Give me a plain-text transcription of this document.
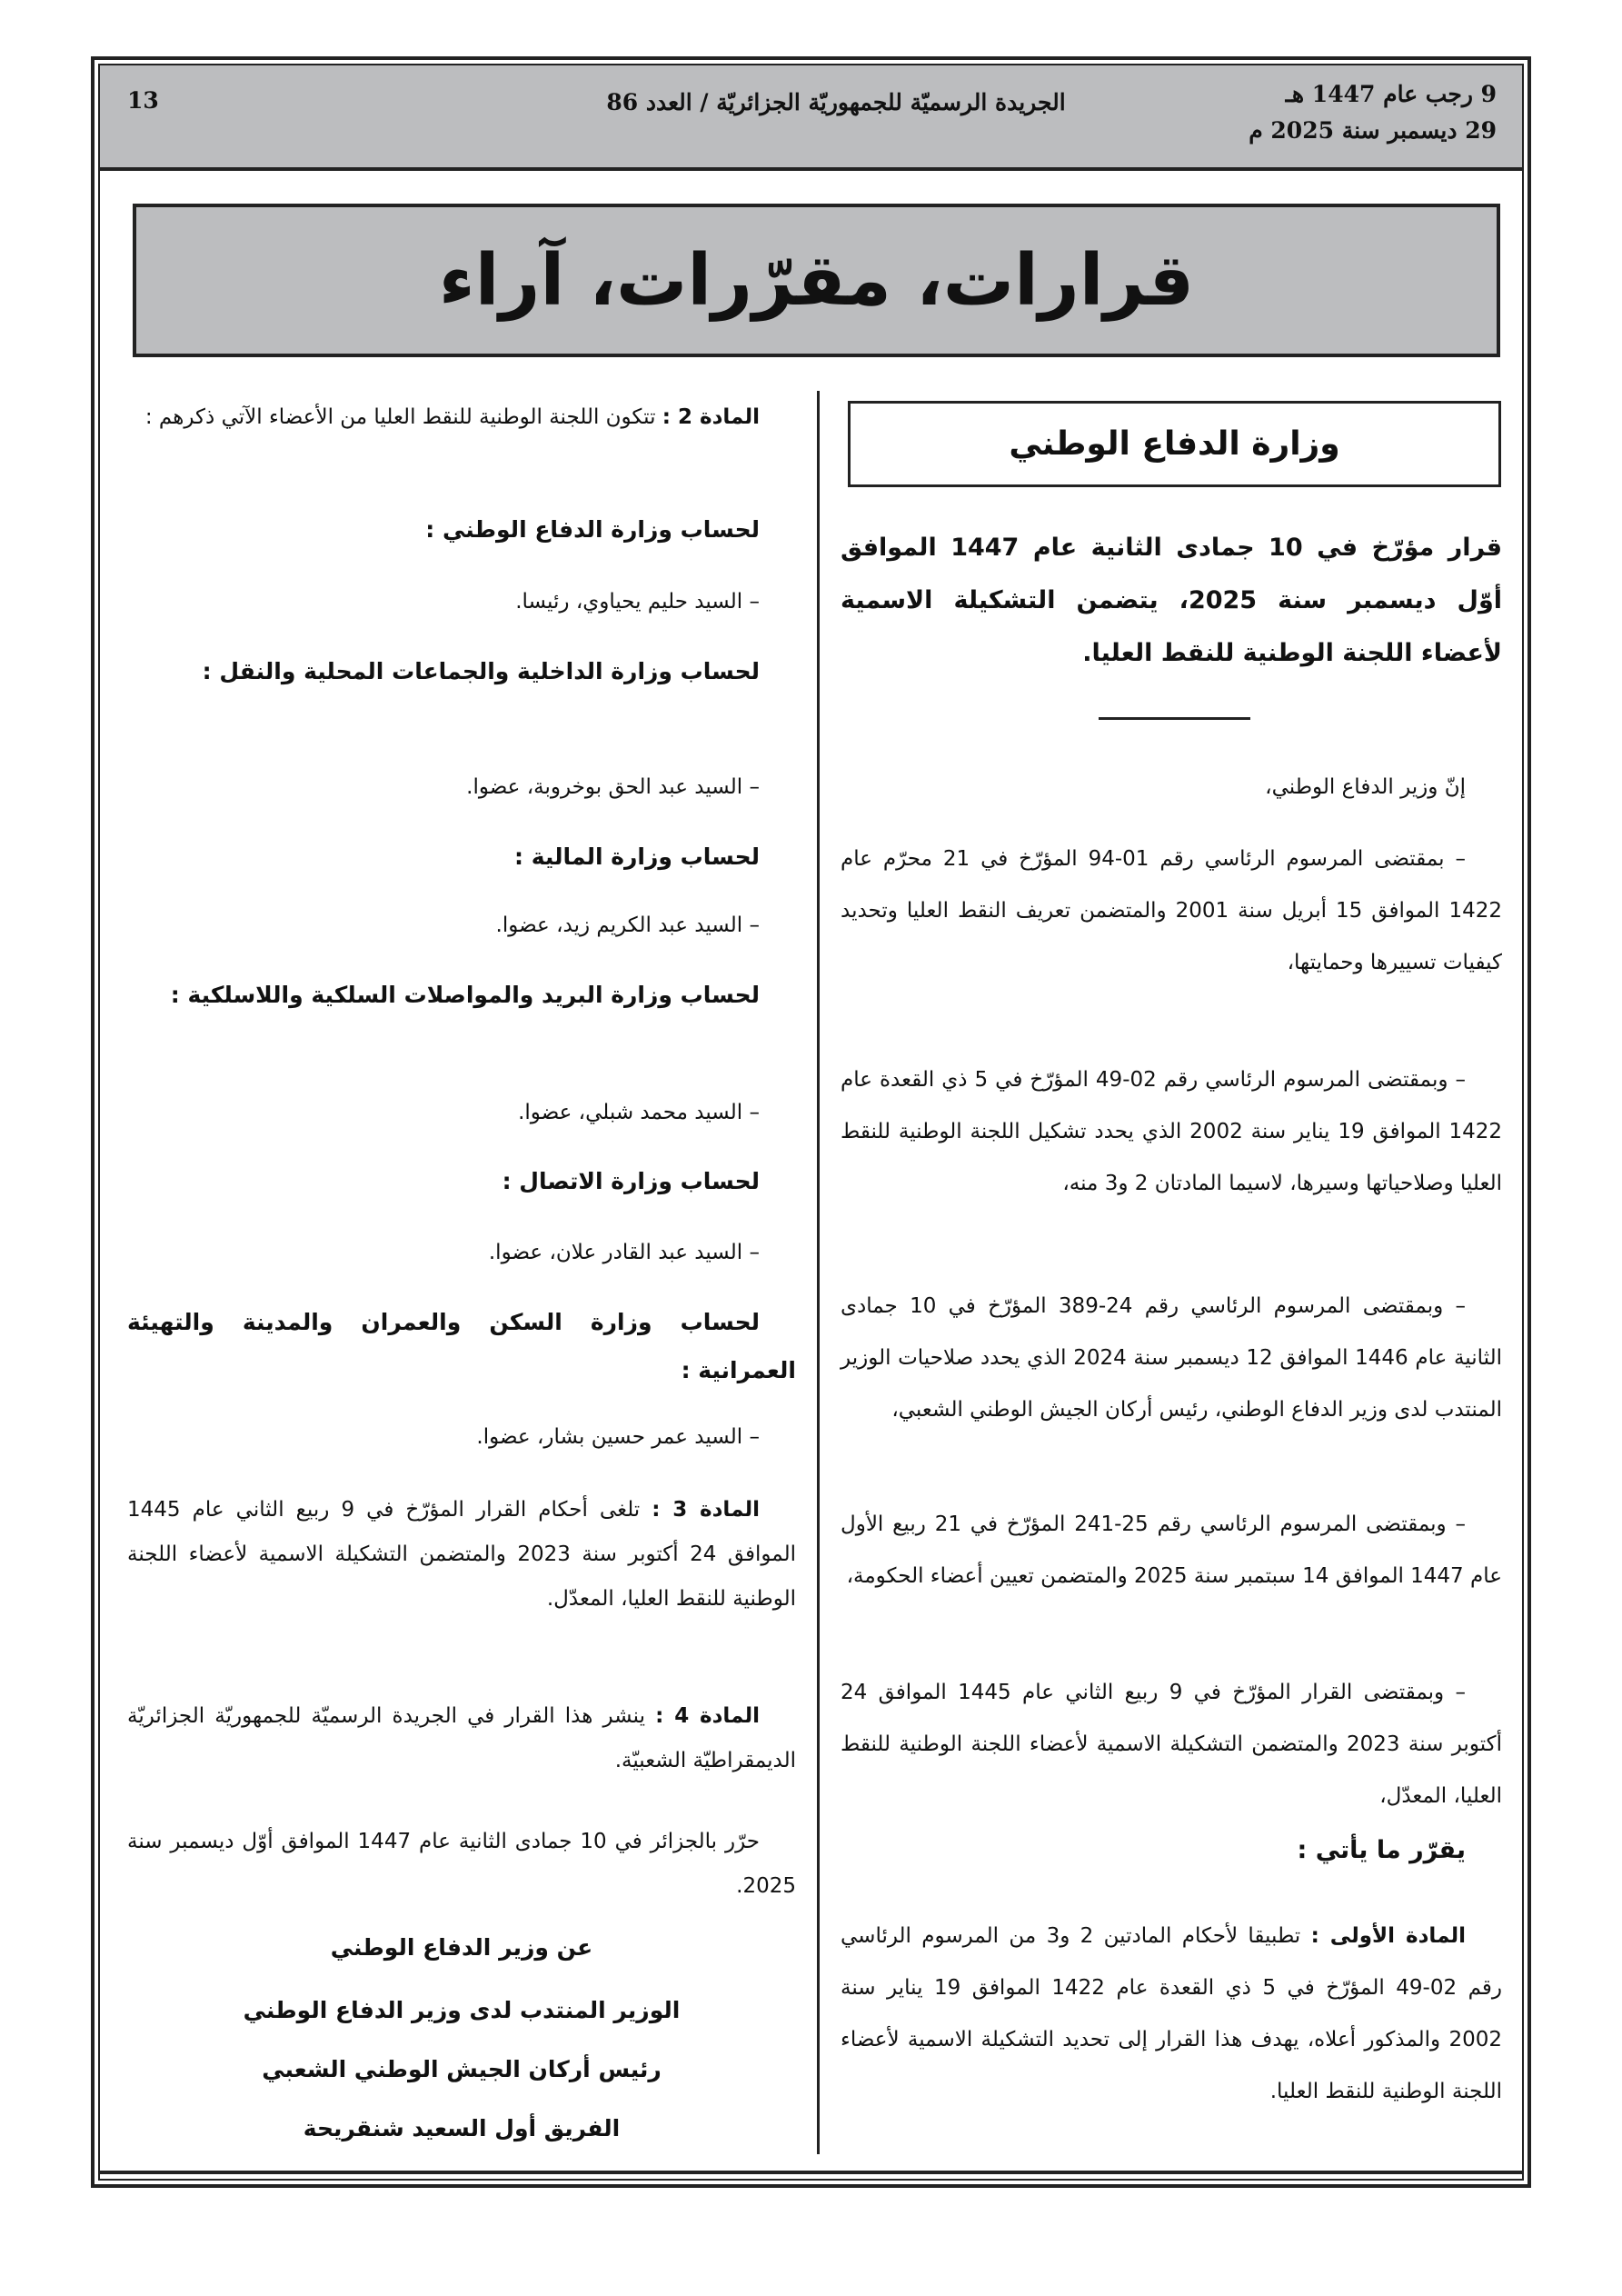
9 رجب عام 1447 هـ
29 ديسمبر سنة 2025 م
الجريدة الرسميّة للجمهوريّة الجزائريّة / العدد 86
13
قرارات، مقرّرات، آراء
وزارة الدفاع الوطني

قرار مؤرّخ في 10 جمادى الثانية عام 1447 الموافق أوّل ديسمبر سنة 2025، يتضمن التشكيلة الاسمية لأعضاء اللجنة الوطنية للنقط العليا.

إنّ وزير الدفاع الوطني،

– بمقتضى المرسوم الرئاسي رقم 01-94 المؤرّخ في 21 محرّم عام 1422 الموافق 15 أبريل سنة 2001 والمتضمن تعريف النقط العليا وتحديد كيفيات تسييرها وحمايتها،

– وبمقتضى المرسوم الرئاسي رقم 02-49 المؤرّخ في 5 ذي القعدة عام 1422 الموافق 19 يناير سنة 2002 الذي يحدد تشكيل اللجنة الوطنية للنقط العليا وصلاحياتها وسيرها، لاسيما المادتان 2 و3 منه،

– وبمقتضى المرسوم الرئاسي رقم 24-389 المؤرّخ في 10 جمادى الثانية عام 1446 الموافق 12 ديسمبر سنة 2024 الذي يحدد صلاحيات الوزير المنتدب لدى وزير الدفاع الوطني، رئيس أركان الجيش الوطني الشعبي،

– وبمقتضى المرسوم الرئاسي رقم 25-241 المؤرّخ في 21 ربيع الأول عام 1447 الموافق 14 سبتمبر سنة 2025 والمتضمن تعيين أعضاء الحكومة،

– وبمقتضى القرار المؤرّخ في 9 ربيع الثاني عام 1445 الموافق 24 أكتوبر سنة 2023 والمتضمن التشكيلة الاسمية لأعضاء اللجنة الوطنية للنقط العليا، المعدّل،

يقرّر ما يأتي :

المادة الأولى : تطبيقا لأحكام المادتين 2 و3 من المرسوم الرئاسي رقم 02-49 المؤرّخ في 5 ذي القعدة عام 1422 الموافق 19 يناير سنة 2002 والمذكور أعلاه، يهدف هذا القرار إلى تحديد التشكيلة الاسمية لأعضاء اللجنة الوطنية للنقط العليا.

المادة 2 : تتكون اللجنة الوطنية للنقط العليا من الأعضاء الآتي ذكرهم :

لحساب وزارة الدفاع الوطني :

– السيد حليم يحياوي، رئيسا.

لحساب وزارة الداخلية والجماعات المحلية والنقل :

– السيد عبد الحق بوخروبة، عضوا.

لحساب وزارة المالية :

– السيد عبد الكريم زيد، عضوا.

لحساب وزارة البريد والمواصلات السلكية واللاسلكية :

– السيد محمد شبلي، عضوا.

لحساب وزارة الاتصال :

– السيد عبد القادر علان، عضوا.

لحساب وزارة السكن والعمران والمدينة والتهيئة العمرانية :

– السيد عمر حسين بشار، عضوا.

المادة 3 : تلغى أحكام القرار المؤرّخ في 9 ربيع الثاني عام 1445 الموافق 24 أكتوبر سنة 2023 والمتضمن التشكيلة الاسمية لأعضاء اللجنة الوطنية للنقط العليا، المعدّل.

المادة 4 : ينشر هذا القرار في الجريدة الرسميّة للجمهوريّة الجزائريّة الديمقراطيّة الشعبيّة.

حرّر بالجزائر في 10 جمادى الثانية عام 1447 الموافق أوّل ديسمبر سنة 2025.

عن وزير الدفاع الوطني
الوزير المنتدب لدى وزير الدفاع الوطني
رئيس أركان الجيش الوطني الشعبي
الفريق أول السعيد شنقريحة
